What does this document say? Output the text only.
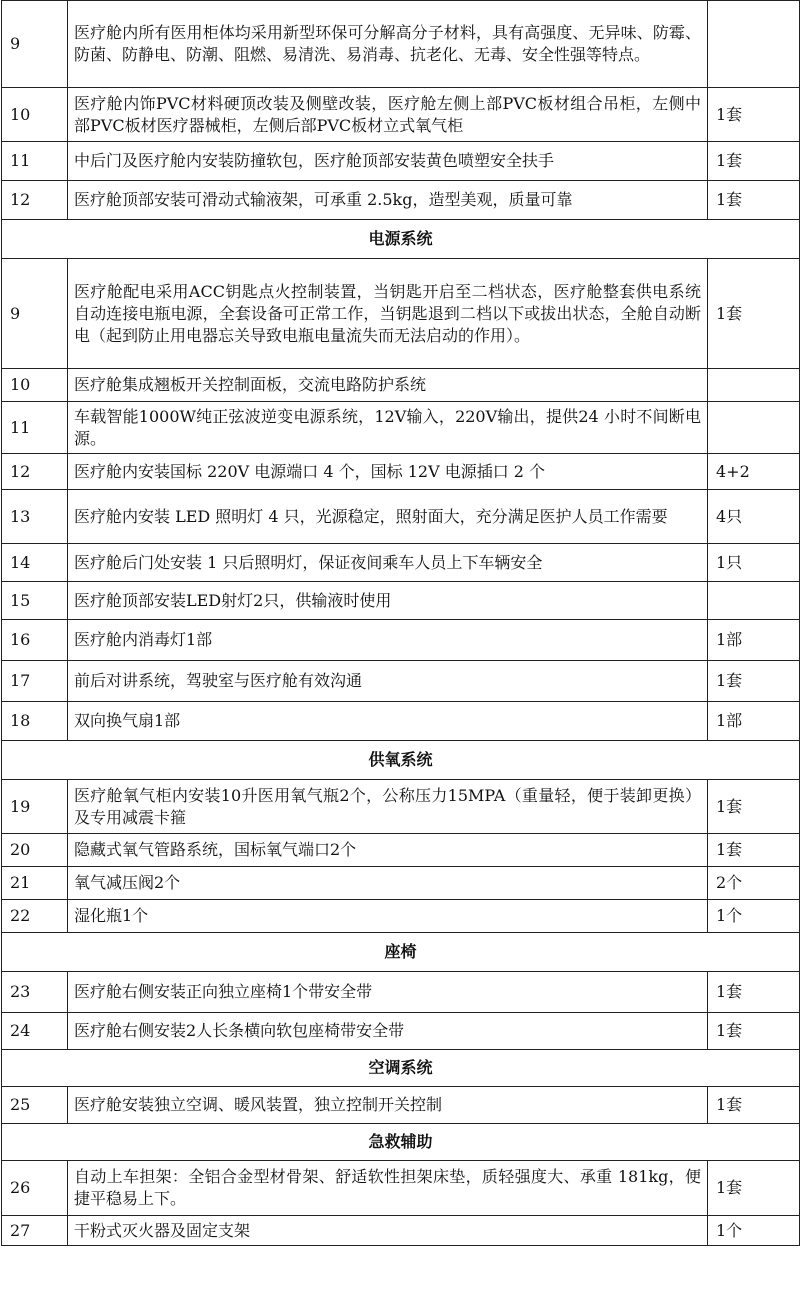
9	医疗舱内所有医用柜体均采用新型环保可分解高分子材料，具有高强度、无异味、防霉、防菌、防静电、防潮、阻燃、易清洗、易消毒、抗老化、无毒、安全性强等特点。	
10	医疗舱内饰PVC材料硬顶改装及侧壁改装，医疗舱左侧上部PVC板材组合吊柜，左侧中部PVC板材医疗器械柜，左侧后部PVC板材立式氧气柜	1套
11	中后门及医疗舱内安装防撞软包，医疗舱顶部安装黄色喷塑安全扶手	1套
12	医疗舱顶部安装可滑动式输液架，可承重 2.5kg，造型美观，质量可靠	1套
电源系统		
9	医疗舱配电采用ACC钥匙点火控制装置，当钥匙开启至二档状态，医疗舱整套供电系统自动连接电瓶电源，全套设备可正常工作，当钥匙退到二档以下或拔出状态，全舱自动断电（起到防止用电器忘关导致电瓶电量流失而无法启动的作用）。	1套
10	医疗舱集成翘板开关控制面板，交流电路防护系统	
11	车载智能1000W纯正弦波逆变电源系统，12V输入，220V输出，提供24 小时不间断电源。	
12	医疗舱内安装国标 220V 电源端口 4 个，国标 12V 电源插口 2 个	4+2
13	医疗舱内安装 LED 照明灯 4 只，光源稳定，照射面大，充分满足医护人员工作需要	4只
14	医疗舱后门处安装 1 只后照明灯，保证夜间乘车人员上下车辆安全	1只
15	医疗舱顶部安装LED射灯2只，供输液时使用	
16	医疗舱内消毒灯1部	1部
17	前后对讲系统，驾驶室与医疗舱有效沟通	1套
18	双向换气扇1部	1部
供氧系统		
19	医疗舱氧气柜内安装10升医用氧气瓶2个，公称压力15MPA（重量轻，便于装卸更换）及专用减震卡箍	1套
20	隐藏式氧气管路系统，国标氧气端口2个	1套
21	氧气减压阀2个	2个
22	湿化瓶1个	1个
座椅		
23	医疗舱右侧安装正向独立座椅1个带安全带	1套
24	医疗舱右侧安装2人长条横向软包座椅带安全带	1套
空调系统		
25	医疗舱安装独立空调、暖风装置，独立控制开关控制	1套
急救辅助		
26	自动上车担架：全铝合金型材骨架、舒适软性担架床垫，质轻强度大、承重 181kg，便捷平稳易上下。	1套
27	干粉式灭火器及固定支架	1个
